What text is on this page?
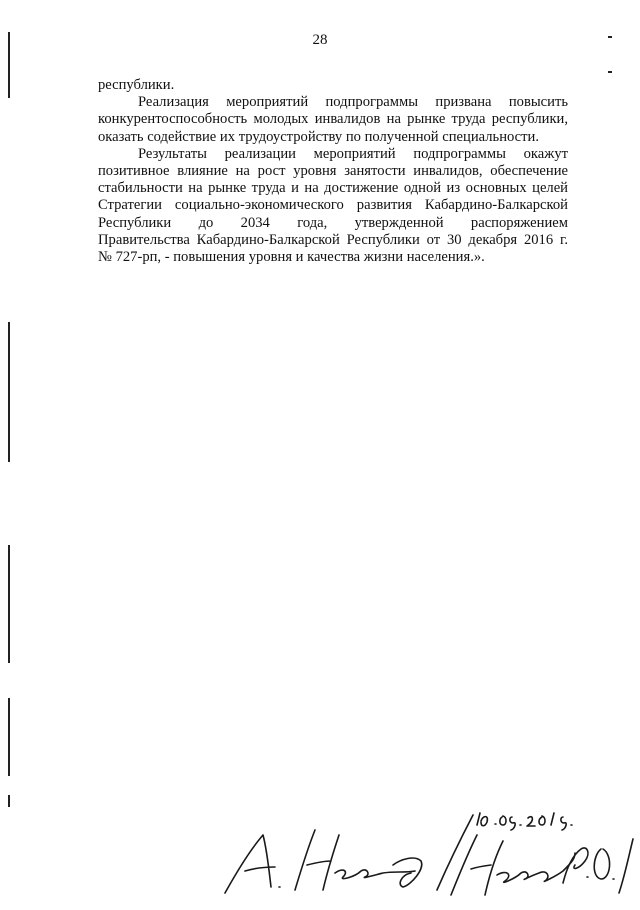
28

республики.

Реализация мероприятий подпрограммы призвана повысить

конкурентоспособность молодых инвалидов на рынке труда республики,

оказать содействие их трудоустройству по полученной специальности.

Результаты реализации мероприятий подпрограммы окажут

позитивное влияние на рост уровня занятости инвалидов, обеспечение

стабильности на рынке труда и на достижение одной из основных целей

Стратегии социально-экономического развития Кабардино-Балкарской

Республики до 2034 года, утвержденной распоряжением

Правительства Кабардино-Балкарской Республики от 30 декабря 2016 г.

№ 727-рп, - повышения уровня и качества жизни населения.».
